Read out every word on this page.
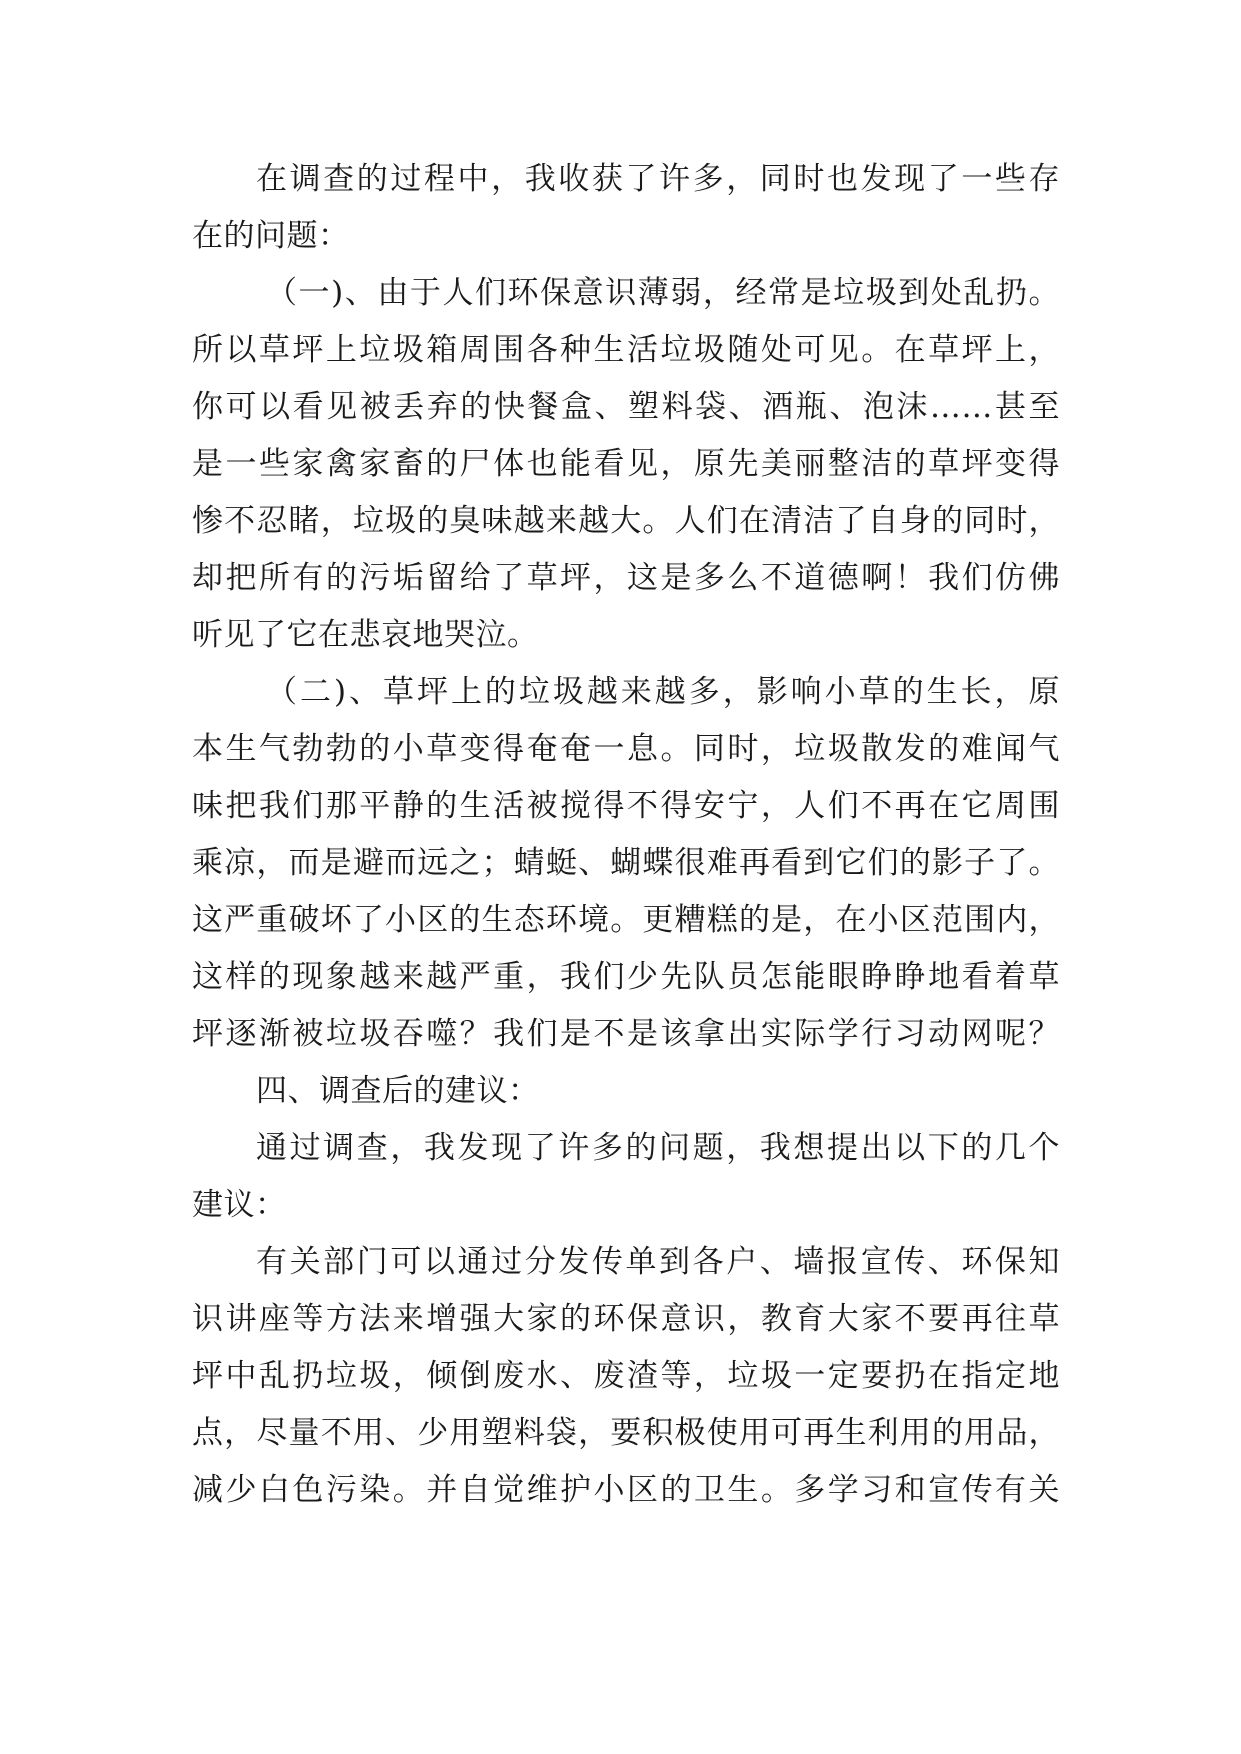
在调查的过程中，我收获了许多，同时也发现了一些存
在的问题：
（一)、由于人们环保意识薄弱，经常是垃圾到处乱扔。
所以草坪上垃圾箱周围各种生活垃圾随处可见。在草坪上，
你可以看见被丢弃的快餐盒、塑料袋、酒瓶、泡沫……甚至
是一些家禽家畜的尸体也能看见，原先美丽整洁的草坪变得
惨不忍睹，垃圾的臭味越来越大。人们在清洁了自身的同时，
却把所有的污垢留给了草坪，这是多么不道德啊！我们仿佛
听见了它在悲哀地哭泣。
（二)、草坪上的垃圾越来越多，影响小草的生长，原
本生气勃勃的小草变得奄奄一息。同时，垃圾散发的难闻气
味把我们那平静的生活被搅得不得安宁，人们不再在它周围
乘凉，而是避而远之；蜻蜓、蝴蝶很难再看到它们的影子了。
这严重破坏了小区的生态环境。更糟糕的是，在小区范围内，
这样的现象越来越严重，我们少先队员怎能眼睁睁地看着草
坪逐渐被垃圾吞噬？我们是不是该拿出实际学行习动网呢？
四、调查后的建议：
通过调查，我发现了许多的问题，我想提出以下的几个
建议：
有关部门可以通过分发传单到各户、墙报宣传、环保知
识讲座等方法来增强大家的环保意识，教育大家不要再往草
坪中乱扔垃圾，倾倒废水、废渣等，垃圾一定要扔在指定地
点，尽量不用、少用塑料袋，要积极使用可再生利用的用品，
减少白色污染。并自觉维护小区的卫生。多学习和宣传有关
